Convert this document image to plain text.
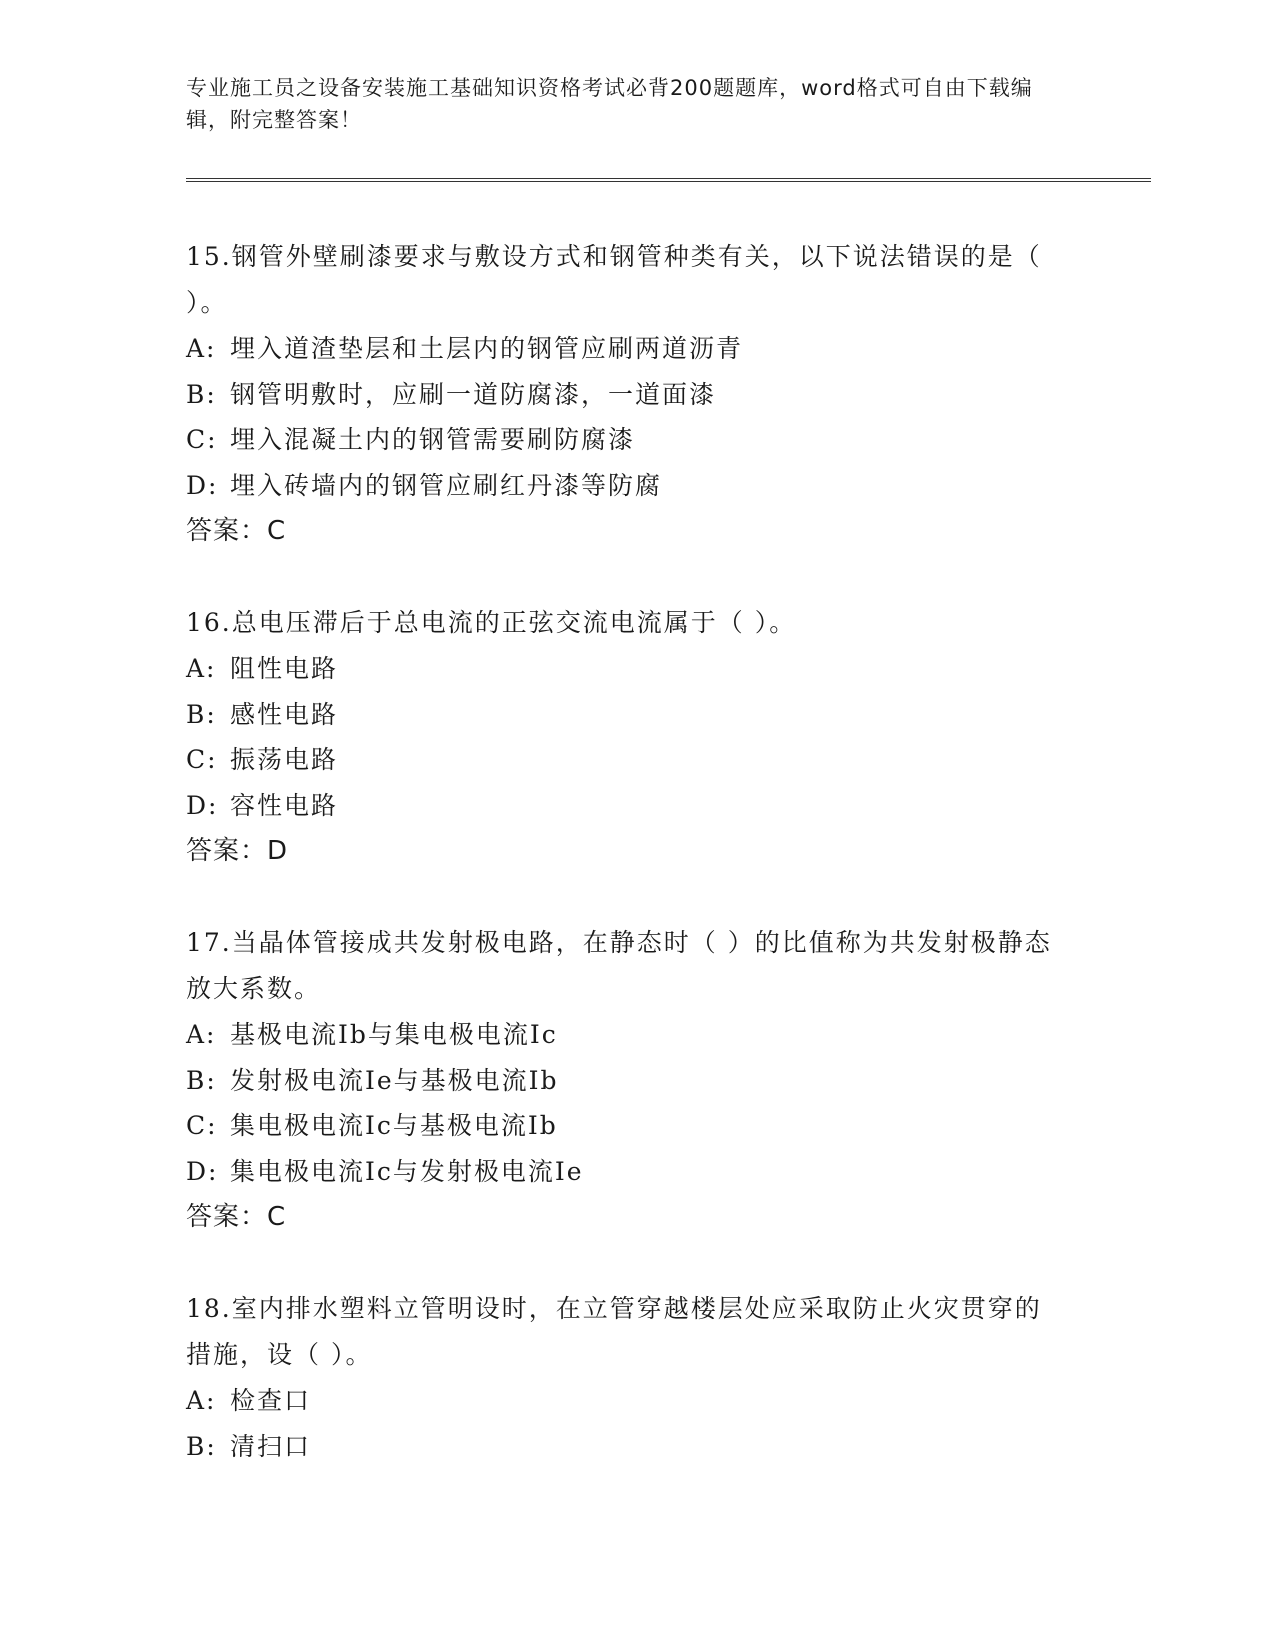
专业施工员之设备安装施工基础知识资格考试必背200题题库，word格式可自由下载编辑，附完整答案！
15.钢管外壁刷漆要求与敷设方式和钢管种类有关，以下说法错误的是（ ）。
A: 埋入道渣垫层和土层内的钢管应刷两道沥青
B: 钢管明敷时，应刷一道防腐漆，一道面漆
C: 埋入混凝土内的钢管需要刷防腐漆
D: 埋入砖墙内的钢管应刷红丹漆等防腐
答案：C
16.总电压滞后于总电流的正弦交流电流属于（ ）。
A: 阻性电路
B: 感性电路
C: 振荡电路
D: 容性电路
答案：D
17.当晶体管接成共发射极电路，在静态时（ ）的比值称为共发射极静态放大系数。
A: 基极电流Ib与集电极电流Ic
B: 发射极电流Ie与基极电流Ib
C: 集电极电流Ic与基极电流Ib
D: 集电极电流Ic与发射极电流Ie
答案：C
18.室内排水塑料立管明设时，在立管穿越楼层处应采取防止火灾贯穿的措施，设（ ）。
A: 检查口
B: 清扫口
